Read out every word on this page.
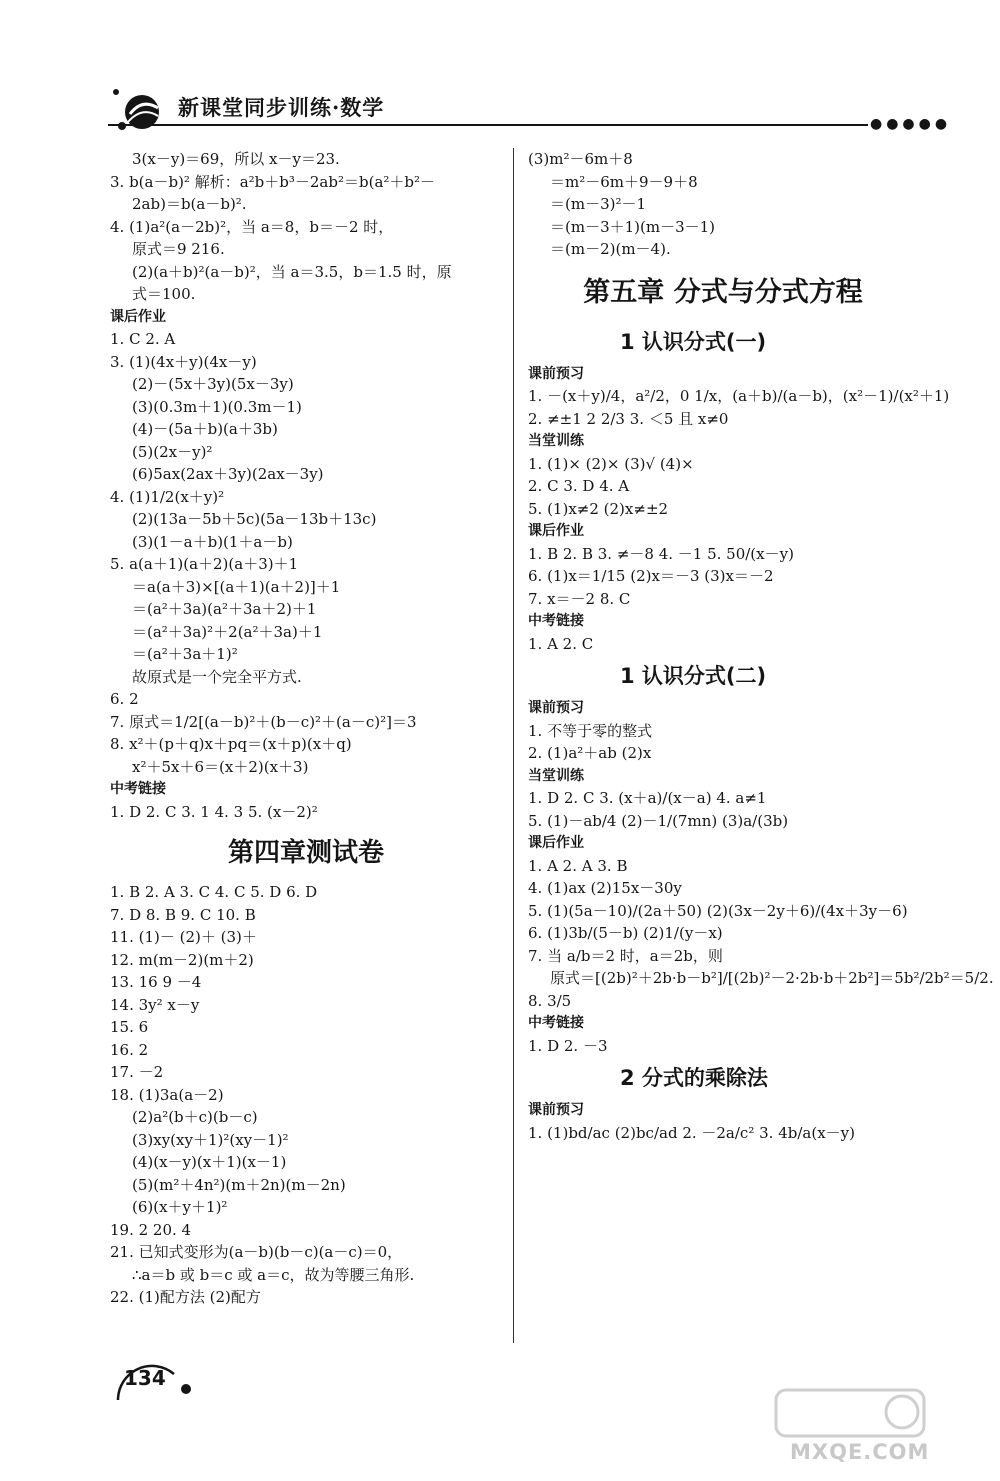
新课堂同步训练·数学
●●●●●
3(x－y)＝69，所以 x－y＝23.
3. b(a－b)² 解析：a²b＋b³－2ab²＝b(a²＋b²－
2ab)＝b(a－b)².
4. (1)a²(a－2b)²，当 a＝8，b＝－2 时，
原式＝9 216.
(2)(a＋b)²(a－b)²，当 a＝3.5，b＝1.5 时，原
式＝100.
课后作业
1. C 2. A
3. (1)(4x＋y)(4x－y)
(2)－(5x＋3y)(5x－3y)
(3)(0.3m＋1)(0.3m－1)
(4)－(5a＋b)(a＋3b)
(5)(2x－y)²
(6)5ax(2ax＋3y)(2ax－3y)
4. (1)1/2(x＋y)²
(2)(13a－5b＋5c)(5a－13b＋13c)
(3)(1－a＋b)(1＋a－b)
5. a(a＋1)(a＋2)(a＋3)＋1
＝a(a＋3)×[(a＋1)(a＋2)]＋1
＝(a²＋3a)(a²＋3a＋2)＋1
＝(a²＋3a)²＋2(a²＋3a)＋1
＝(a²＋3a＋1)²
故原式是一个完全平方式.
6. 2
7. 原式＝1/2[(a－b)²＋(b－c)²＋(a－c)²]＝3
8. x²＋(p＋q)x＋pq＝(x＋p)(x＋q)
x²＋5x＋6＝(x＋2)(x＋3)
中考链接
1. D 2. C 3. 1 4. 3 5. (x－2)²
第四章测试卷
1. B 2. A 3. C 4. C 5. D 6. D
7. D 8. B 9. C 10. B
11. (1)－ (2)＋ (3)＋
12. m(m－2)(m＋2)
13. 16 9 －4
14. 3y² x－y
15. 6
16. 2
17. －2
18. (1)3a(a－2)
(2)a²(b＋c)(b－c)
(3)xy(xy＋1)²(xy－1)²
(4)(x－y)(x＋1)(x－1)
(5)(m²＋4n²)(m＋2n)(m－2n)
(6)(x＋y＋1)²
19. 2 20. 4
21. 已知式变形为(a－b)(b－c)(a－c)＝0，
∴a＝b 或 b＝c 或 a＝c，故为等腰三角形.
22. (1)配方法 (2)配方
(3)m²－6m＋8
＝m²－6m＋9－9＋8
＝(m－3)²－1
＝(m－3＋1)(m－3－1)
＝(m－2)(m－4).
第五章 分式与分式方程
1 认识分式(一)
课前预习
1. －(x＋y)/4，a²/2，0 1/x，(a＋b)/(a－b)，(x²－1)/(x²＋1)
2. ≠±1 2 2/3 3. ＜5 且 x≠0
当堂训练
1. (1)× (2)× (3)√ (4)×
2. C 3. D 4. A
5. (1)x≠2 (2)x≠±2
课后作业
1. B 2. B 3. ≠－8 4. －1 5. 50/(x－y)
6. (1)x＝1/15 (2)x＝－3 (3)x＝－2
7. x＝－2 8. C
中考链接
1. A 2. C
1 认识分式(二)
课前预习
1. 不等于零的整式
2. (1)a²＋ab (2)x
当堂训练
1. D 2. C 3. (x＋a)/(x－a) 4. a≠1
5. (1)－ab/4 (2)－1/(7mn) (3)a/(3b)
课后作业
1. A 2. A 3. B
4. (1)ax (2)15x－30y
5. (1)(5a－10)/(2a＋50) (2)(3x－2y＋6)/(4x＋3y－6)
6. (1)3b/(5－b) (2)1/(y－x)
7. 当 a/b＝2 时，a＝2b，则
原式＝[(2b)²＋2b·b－b²]/[(2b)²－2·2b·b＋2b²]＝5b²/2b²＝5/2.
8. 3/5
中考链接
1. D 2. －3
2 分式的乘除法
课前预习
1. (1)bd/ac (2)bc/ad 2. －2a/c² 3. 4b/a(x－y)
134
MXQE.COM
